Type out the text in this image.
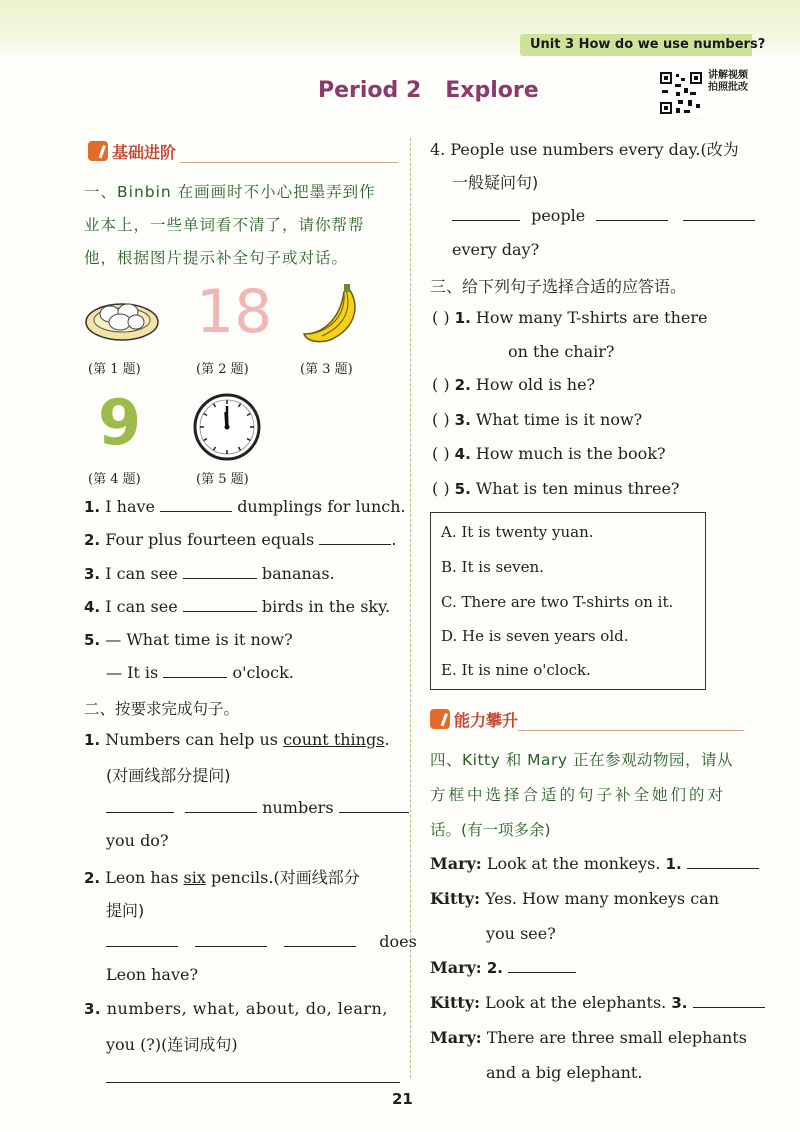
Unit 3 How do we use numbers?
Period 2 Explore
讲解视频 拍照批改
基础进阶
一、Binbin 在画画时不小心把墨弄到作
业本上，一些单词看不清了，请你帮帮
他，根据图片提示补全句子或对话。
18
(第 1 题)	(第 2 题)	(第 3 题)
9
(第 4 题)	(第 5 题)
1. I have	dumplings for lunch.
2. Four plus fourteen equals	.
3. I can see	bananas.
4. I can see	birds in the sky.
5. — What time is it now?
— It is	o'clock.
二、按要求完成句子。
1. Numbers can help us count things.
(对画线部分提问)
numbers
you do?
2. Leon has six pencils.(对画线部分
提问)
does
Leon have?
3. numbers, what, about, do, learn,
you (?)(连词成句)
4. People use numbers every day.(改为
一般疑问句)
people
every day?
三、给下列句子选择合适的应答语。
( ) 1. How many T-shirts are there
on the chair?
( ) 2. How old is he?
( ) 3. What time is it now?
( ) 4. How much is the book?
( ) 5. What is ten minus three?
A. It is twenty yuan.
B. It is seven.
C. There are two T-shirts on it.
D. He is seven years old.
E. It is nine o'clock.
能力攀升
四、Kitty 和 Mary 正在参观动物园，请从
方框中选择合适的句子补全她们的对
话。(有一项多余)
Mary: Look at the monkeys. 1.
Kitty: Yes. How many monkeys can
you see?
Mary: 2.
Kitty: Look at the elephants. 3.
Mary: There are three small elephants
and a big elephant.
21
